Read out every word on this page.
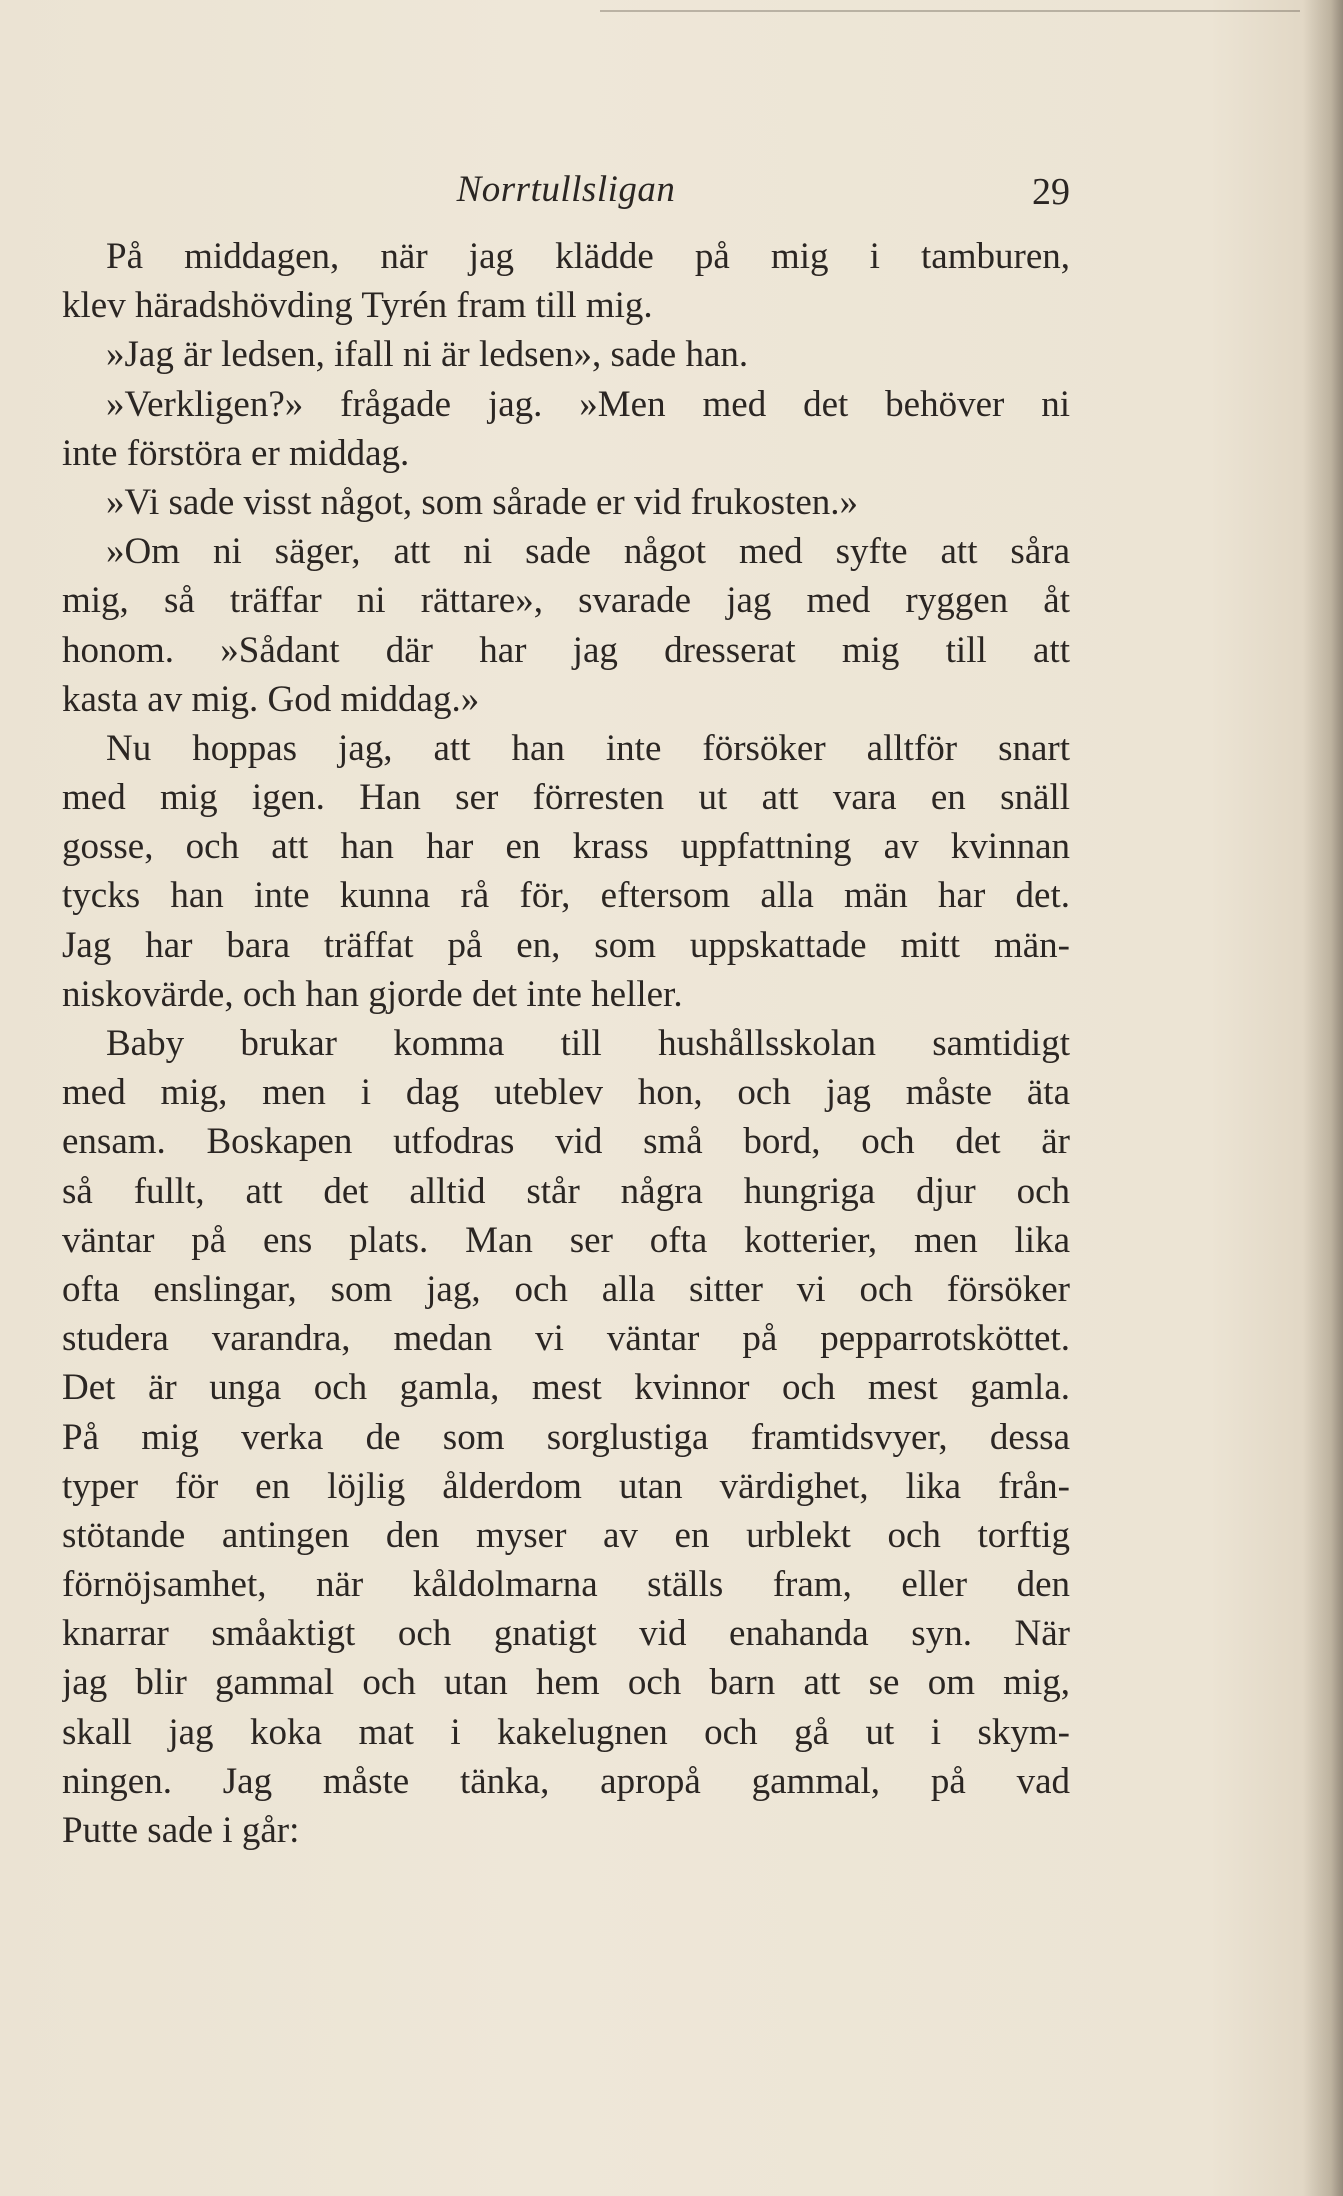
Norrtullsligan	29
På middagen, när jag klädde på mig i tamburen,
klev häradshövding Tyrén fram till mig.
»Jag är ledsen, ifall ni är ledsen», sade han.
»Verkligen?» frågade jag. »Men med det behöver ni
inte förstöra er middag.
»Vi sade visst något, som sårade er vid frukosten.»
»Om ni säger, att ni sade något med syfte att såra
mig, så träffar ni rättare», svarade jag med ryggen åt
honom. »Sådant där har jag dresserat mig till att
kasta av mig. God middag.»
Nu hoppas jag, att han inte försöker alltför snart
med mig igen. Han ser förresten ut att vara en snäll
gosse, och att han har en krass uppfattning av kvinnan
tycks han inte kunna rå för, eftersom alla män har det.
Jag har bara träffat på en, som uppskattade mitt män-
niskovärde, och han gjorde det inte heller.
Baby brukar komma till hushållsskolan samtidigt
med mig, men i dag uteblev hon, och jag måste äta
ensam. Boskapen utfodras vid små bord, och det är
så fullt, att det alltid står några hungriga djur och
väntar på ens plats. Man ser ofta kotterier, men lika
ofta enslingar, som jag, och alla sitter vi och försöker
studera varandra, medan vi väntar på pepparrotsköttet.
Det är unga och gamla, mest kvinnor och mest gamla.
På mig verka de som sorglustiga framtidsvyer, dessa
typer för en löjlig ålderdom utan värdighet, lika från-
stötande antingen den myser av en urblekt och torftig
förnöjsamhet, när kåldolmarna ställs fram, eller den
knarrar småaktigt och gnatigt vid enahanda syn. När
jag blir gammal och utan hem och barn att se om mig,
skall jag koka mat i kakelugnen och gå ut i skym-
ningen. Jag måste tänka, apropå gammal, på vad
Putte sade i går:
